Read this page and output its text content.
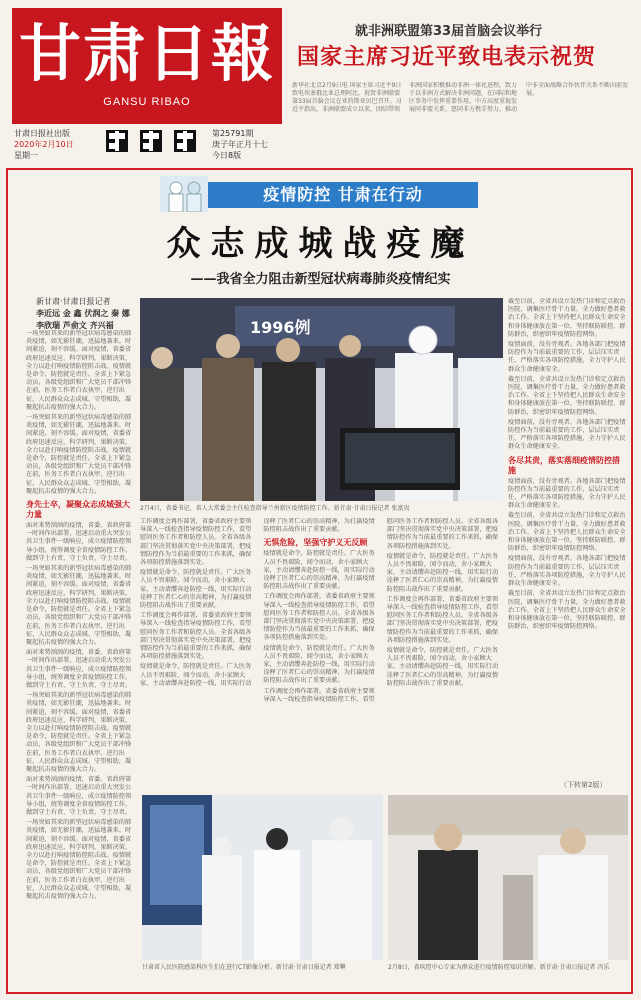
甘肃日報
GANSU RIBAO
甘肃日报社出版
2020年2月10日
星期一
第25791期
庚子年正月十七
今日8版
就非洲联盟第33届首脑会议举行
国家主席习近平致电表示祝贺
新华社北京2月9日电 国家主席习近平9日致电埃塞俄比亚总理阿比，祝贺非洲联盟第33届首脑会议在亚的斯亚贝巴召开。习近平指出，非洲联盟成立以来，团结带领非洲国家积极推动非洲一体化进程，致力于以非洲方式解决非洲问题，在国际和地区事务中发挥重要作用。中方高度重视发展同非盟关系，愿同非方携手努力，推动中非全面战略合作伙伴关系不断向前发展。
疫情防控 甘肃在行动
众志成城战疫魔
——我省全力阻击新型冠状病毒肺炎疫情纪实
新甘肃·甘肃日报记者
李近远 金 鑫 伏润之 秦 娜
李欣瑞 芦俞文 齐兴福

一场突如其来的新型冠状病毒感染的肺炎疫情，如无影狂潮，迅猛地袭来。时间紧迫，刻不容缓。面对疫情，省委省政府迅速反应，科学研判，果断决策，全力以赴打响疫情防控阻击战。疫情就是命令，防控就是责任。全省上下紧急动员，各级党组织和广大党员干部冲锋在前，医务工作者白衣执甲、逆行出征，人民群众众志成城、守望相助，凝聚起抗击疫情的强大合力。

一场突如其来的新型冠状病毒感染的肺炎疫情，如无影狂潮，迅猛地袭来。时间紧迫，刻不容缓。面对疫情，省委省政府迅速反应，科学研判，果断决策，全力以赴打响疫情防控阻击战。疫情就是命令，防控就是责任。全省上下紧急动员，各级党组织和广大党员干部冲锋在前，医务工作者白衣执甲、逆行出征，人民群众众志成城、守望相助，凝聚起抗击疫情的强大合力。

身先士卒，凝聚众志成城强大力量

面对来势汹汹的疫情，省委、省政府第一时间作出部署，迅速启动重大突发公共卫生事件一级响应，成立疫情防控领导小组，统筹调度全省疫情防控工作，做到守土有责、守土负责、守土尽责。

一场突如其来的新型冠状病毒感染的肺炎疫情，如无影狂潮，迅猛地袭来。时间紧迫，刻不容缓。面对疫情，省委省政府迅速反应，科学研判，果断决策，全力以赴打响疫情防控阻击战。疫情就是命令，防控就是责任。全省上下紧急动员，各级党组织和广大党员干部冲锋在前，医务工作者白衣执甲、逆行出征，人民群众众志成城、守望相助，凝聚起抗击疫情的强大合力。

面对来势汹汹的疫情，省委、省政府第一时间作出部署，迅速启动重大突发公共卫生事件一级响应，成立疫情防控领导小组，统筹调度全省疫情防控工作，做到守土有责、守土负责、守土尽责。

一场突如其来的新型冠状病毒感染的肺炎疫情，如无影狂潮，迅猛地袭来。时间紧迫，刻不容缓。面对疫情，省委省政府迅速反应，科学研判，果断决策，全力以赴打响疫情防控阻击战。疫情就是命令，防控就是责任。全省上下紧急动员，各级党组织和广大党员干部冲锋在前，医务工作者白衣执甲、逆行出征，人民群众众志成城、守望相助，凝聚起抗击疫情的强大合力。

面对来势汹汹的疫情，省委、省政府第一时间作出部署，迅速启动重大突发公共卫生事件一级响应，成立疫情防控领导小组，统筹调度全省疫情防控工作，做到守土有责、守土负责、守土尽责。

一场突如其来的新型冠状病毒感染的肺炎疫情，如无影狂潮，迅猛地袭来。时间紧迫，刻不容缓。面对疫情，省委省政府迅速反应，科学研判，果断决策，全力以赴打响疫情防控阻击战。疫情就是命令，防控就是责任。全省上下紧急动员，各级党组织和广大党员干部冲锋在前，医务工作者白衣执甲、逆行出征，人民群众众志成城、守望相助，凝聚起抗击疫情的强大合力。

截至目前，全省共设立发热门诊和定点救治医院，调集医疗骨干力量，全力做好患者救治工作。全省上下坚持把人民群众生命安全和身体健康放在第一位，坚持联防联控、群防群治，织密织牢疫情防控网络。

疫情面前，没有旁观者。各地各部门把疫情防控作为当前最重要的工作，层层压实责任，严格落实各项防控措施，全力守护人民群众生命健康安全。

截至目前，全省共设立发热门诊和定点救治医院，调集医疗骨干力量，全力做好患者救治工作。全省上下坚持把人民群众生命安全和身体健康放在第一位，坚持联防联控、群防群治，织密织牢疫情防控网络。

疫情面前，没有旁观者。各地各部门把疫情防控作为当前最重要的工作，层层压实责任，严格落实各项防控措施，全力守护人民群众生命健康安全。

各尽其责，落实落细疫情防控措施

疫情面前，没有旁观者。各地各部门把疫情防控作为当前最重要的工作，层层压实责任，严格落实各项防控措施，全力守护人民群众生命健康安全。

截至目前，全省共设立发热门诊和定点救治医院，调集医疗骨干力量，全力做好患者救治工作。全省上下坚持把人民群众生命安全和身体健康放在第一位，坚持联防联控、群防群治，织密织牢疫情防控网络。

疫情面前，没有旁观者。各地各部门把疫情防控作为当前最重要的工作，层层压实责任，严格落实各项防控措施，全力守护人民群众生命健康安全。

截至目前，全省共设立发热门诊和定点救治医院，调集医疗骨干力量，全力做好患者救治工作。全省上下坚持把人民群众生命安全和身体健康放在第一位，坚持联防联控、群防群治，织密织牢疫情防控网络。

1996例
2月4日，省委书记、省人大常委会主任检查指导兰州新区疫情防控工作。新甘肃·甘肃日报记者 张富贵

工作调度会再作部署，省委省政府主要领导深入一线检查指导疫情防控工作，看望慰问医务工作者和防控人员。全省各级各部门坚决贯彻落实党中央决策部署，把疫情防控作为当前最重要的工作来抓，确保各项防控措施落到实处。

疫情就是命令，防控就是责任。广大医务人员不畏艰险，闻令而动，舍小家顾大家，主动请缨奔赴防控一线，用实际行动诠释了医者仁心的崇高精神，为打赢疫情防控阻击战作出了重要贡献。

工作调度会再作部署，省委省政府主要领导深入一线检查指导疫情防控工作，看望慰问医务工作者和防控人员。全省各级各部门坚决贯彻落实党中央决策部署，把疫情防控作为当前最重要的工作来抓，确保各项防控措施落到实处。

疫情就是命令，防控就是责任。广大医务人员不畏艰险，闻令而动，舍小家顾大家，主动请缨奔赴防控一线，用实际行动诠释了医者仁心的崇高精神，为打赢疫情防控阻击战作出了重要贡献。

无惧危险，坚强守护义无反顾

疫情就是命令，防控就是责任。广大医务人员不畏艰险，闻令而动，舍小家顾大家，主动请缨奔赴防控一线，用实际行动诠释了医者仁心的崇高精神，为打赢疫情防控阻击战作出了重要贡献。

工作调度会再作部署，省委省政府主要领导深入一线检查指导疫情防控工作，看望慰问医务工作者和防控人员。全省各级各部门坚决贯彻落实党中央决策部署，把疫情防控作为当前最重要的工作来抓，确保各项防控措施落到实处。

疫情就是命令，防控就是责任。广大医务人员不畏艰险，闻令而动，舍小家顾大家，主动请缨奔赴防控一线，用实际行动诠释了医者仁心的崇高精神，为打赢疫情防控阻击战作出了重要贡献。

工作调度会再作部署，省委省政府主要领导深入一线检查指导疫情防控工作，看望慰问医务工作者和防控人员。全省各级各部门坚决贯彻落实党中央决策部署，把疫情防控作为当前最重要的工作来抓，确保各项防控措施落到实处。

疫情就是命令，防控就是责任。广大医务人员不畏艰险，闻令而动，舍小家顾大家，主动请缨奔赴防控一线，用实际行动诠释了医者仁心的崇高精神，为打赢疫情防控阻击战作出了重要贡献。

工作调度会再作部署，省委省政府主要领导深入一线检查指导疫情防控工作，看望慰问医务工作者和防控人员。全省各级各部门坚决贯彻落实党中央决策部署，把疫情防控作为当前最重要的工作来抓，确保各项防控措施落到实处。

疫情就是命令，防控就是责任。广大医务人员不畏艰险，闻令而动，舍小家顾大家，主动请缨奔赴防控一线，用实际行动诠释了医者仁心的崇高精神，为打赢疫情防控阻击战作出了重要贡献。

甘肃省人民医院感染科医生们在进行CT影像分析。新甘肃·甘肃日报记者 郑攀	2月8日，省疾控中心专家为群众进行疫情防控知识讲解。新甘肃·甘肃日报记者 冯乐
（下转第2版）
